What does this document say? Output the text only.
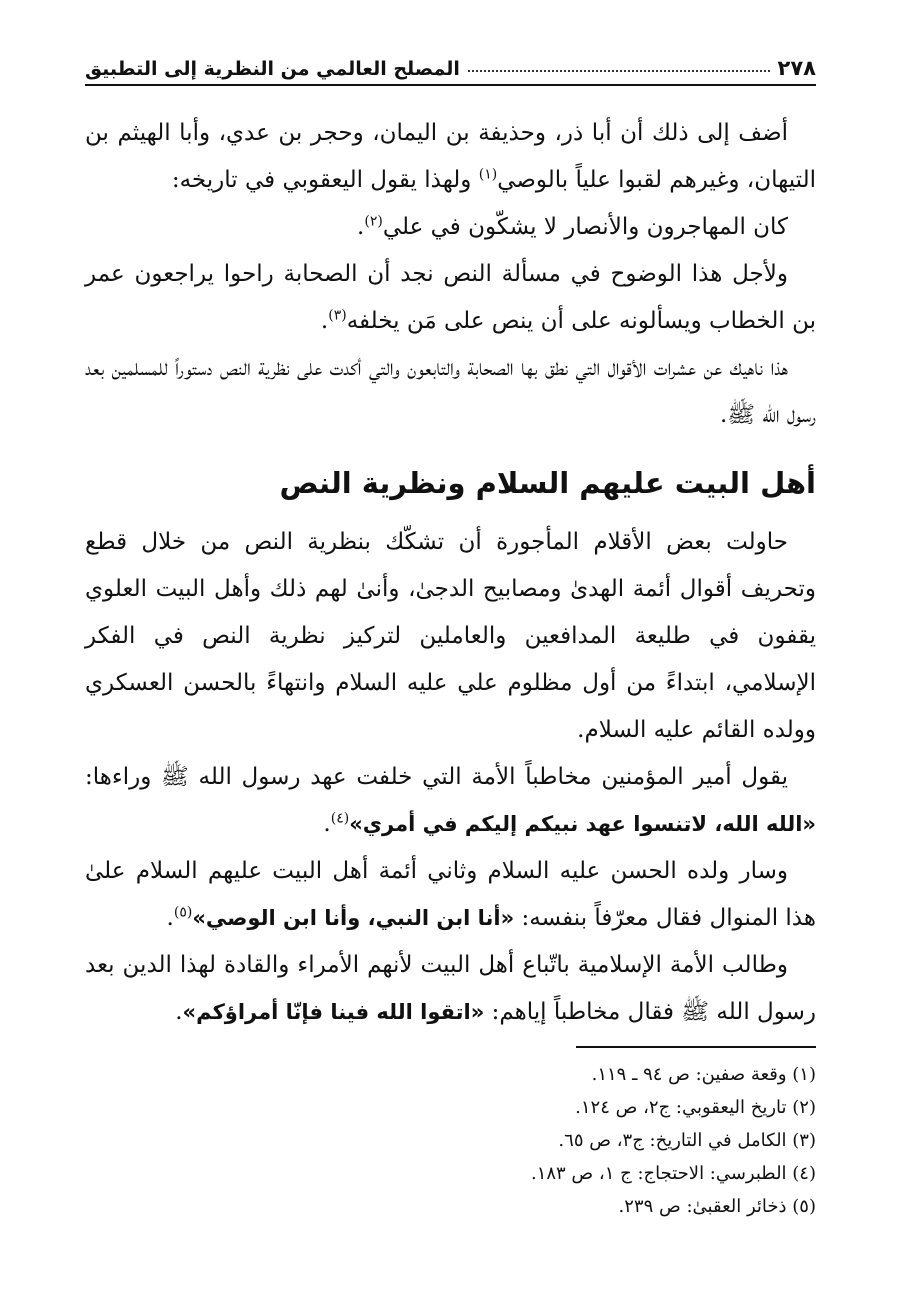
٢٧٨
المصلح العالمي من النظرية إلى التطبيق

أضف إلى ذلك أن أبا ذر، وحذيفة بن اليمان، وحجر بن عدي، وأبا الهيثم بن التيهان، وغيرهم لقبوا علياً بالوصي$^{(١)}$ ولهذا يقول اليعقوبي في تاريخه:

كان المهاجرون والأنصار لا يشكّون في علي$^{(٢)}$.

ولأجل هذا الوضوح في مسألة النص نجد أن الصحابة راحوا يراجعون عمر بن الخطاب ويسألونه على أن ينص على مَن يخلفه$^{(٣)}$.

هذا ناهيك عن عشرات الأقوال التي نطق بها الصحابة والتابعون والتي أكدت على نظرية النص دستوراً للمسلمين بعد رسول الله ﷺ.

أهل البيت عليهم السلام ونظرية النص

حاولت بعض الأقلام المأجورة أن تشكّك بنظرية النص من خلال قطع وتحريف أقوال أئمة الهدىٰ ومصابيح الدجىٰ، وأنىٰ لهم ذلك وأهل البيت العلوي يقفون في طليعة المدافعين والعاملين لتركيز نظرية النص في الفكر الإسلامي، ابتداءً من أول مظلوم علي عليه السلام وانتهاءً بالحسن العسكري وولده القائم عليه السلام.

يقول أمير المؤمنين مخاطباً الأمة التي خلفت عهد رسول الله ﷺ وراءها: «الله الله، لاتنسوا عهد نبيكم إليكم في أمري»$^{(٤)}$.

وسار ولده الحسن عليه السلام وثاني أئمة أهل البيت عليهم السلام علىٰ هذا المنوال فقال معرّفاً بنفسه: «أنا ابن النبي، وأنا ابن الوصي»$^{(٥)}$.

وطالب الأمة الإسلامية باتّباع أهل البيت لأنهم الأمراء والقادة لهذا الدين بعد رسول الله ﷺ فقال مخاطباً إياهم: «اتقوا الله فينا فإنّا أمراؤكم».

(١) وقعة صفين: ص ٩٤ ـ ١١٩.
(٢) تاريخ اليعقوبي: ج٢، ص ١٢٤.
(٣) الكامل في التاريخ: ج٣، ص ٦٥.
(٤) الطبرسي: الاحتجاج: ج ١، ص ١٨٣.
(٥) ذخائر العقبىٰ: ص ٢٣٩.
